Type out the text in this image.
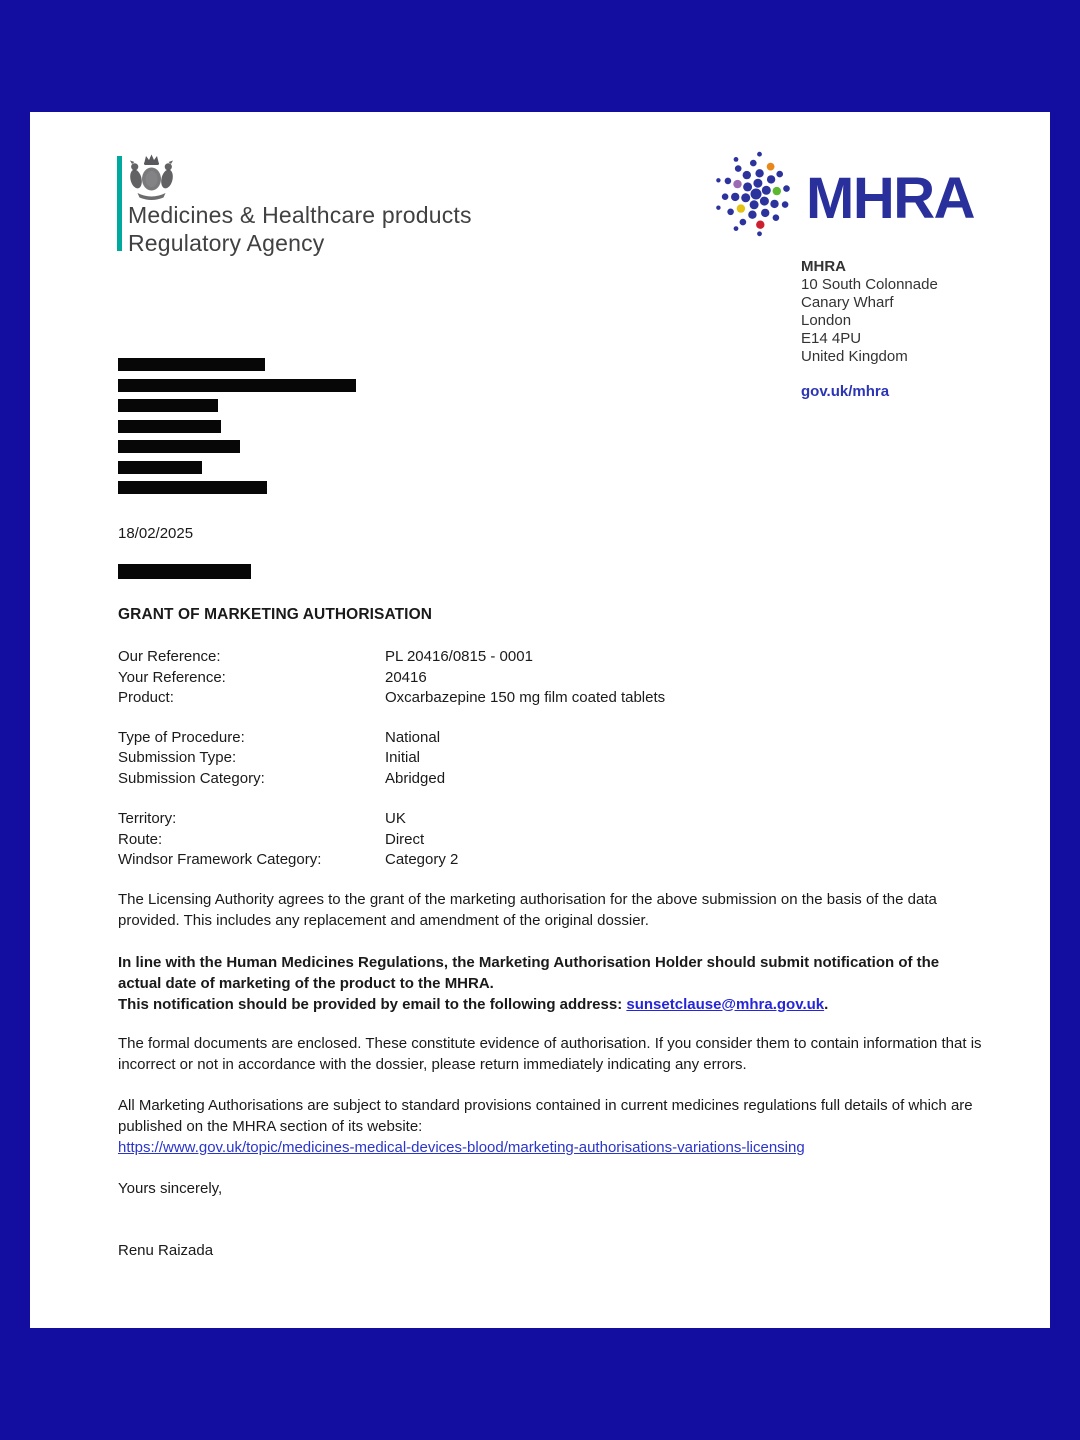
Medicines & Healthcare products
Regulatory Agency
MHRA
MHRA
10 South Colonnade
Canary Wharf
London
E14 4PU
United Kingdom
gov.uk/mhra
18/02/2025
GRANT OF MARKETING AUTHORISATION
Our Reference:	PL 20416/0815 - 0001
Your Reference:	20416
Product:	Oxcarbazepine 150 mg film coated tablets
Type of Procedure:	National
Submission Type:	Initial
Submission Category:	Abridged
Territory:	UK
Route:	Direct
Windsor Framework Category:	Category 2
The Licensing Authority agrees to the grant of the marketing authorisation for the above submission on the basis of the data provided. This includes any replacement and amendment of the original dossier.
In line with the Human Medicines Regulations, the Marketing Authorisation Holder should submit notification of the actual date of marketing of the product to the MHRA.
This notification should be provided by email to the following address: sunsetclause@mhra.gov.uk.
The formal documents are enclosed. These constitute evidence of authorisation. If you consider them to contain information that is incorrect or not in accordance with the dossier, please return immediately indicating any errors.
All Marketing Authorisations are subject to standard provisions contained in current medicines regulations full details of which are published on the MHRA section of its website:
https://www.gov.uk/topic/medicines-medical-devices-blood/marketing-authorisations-variations-licensing
Yours sincerely,
Renu Raizada
